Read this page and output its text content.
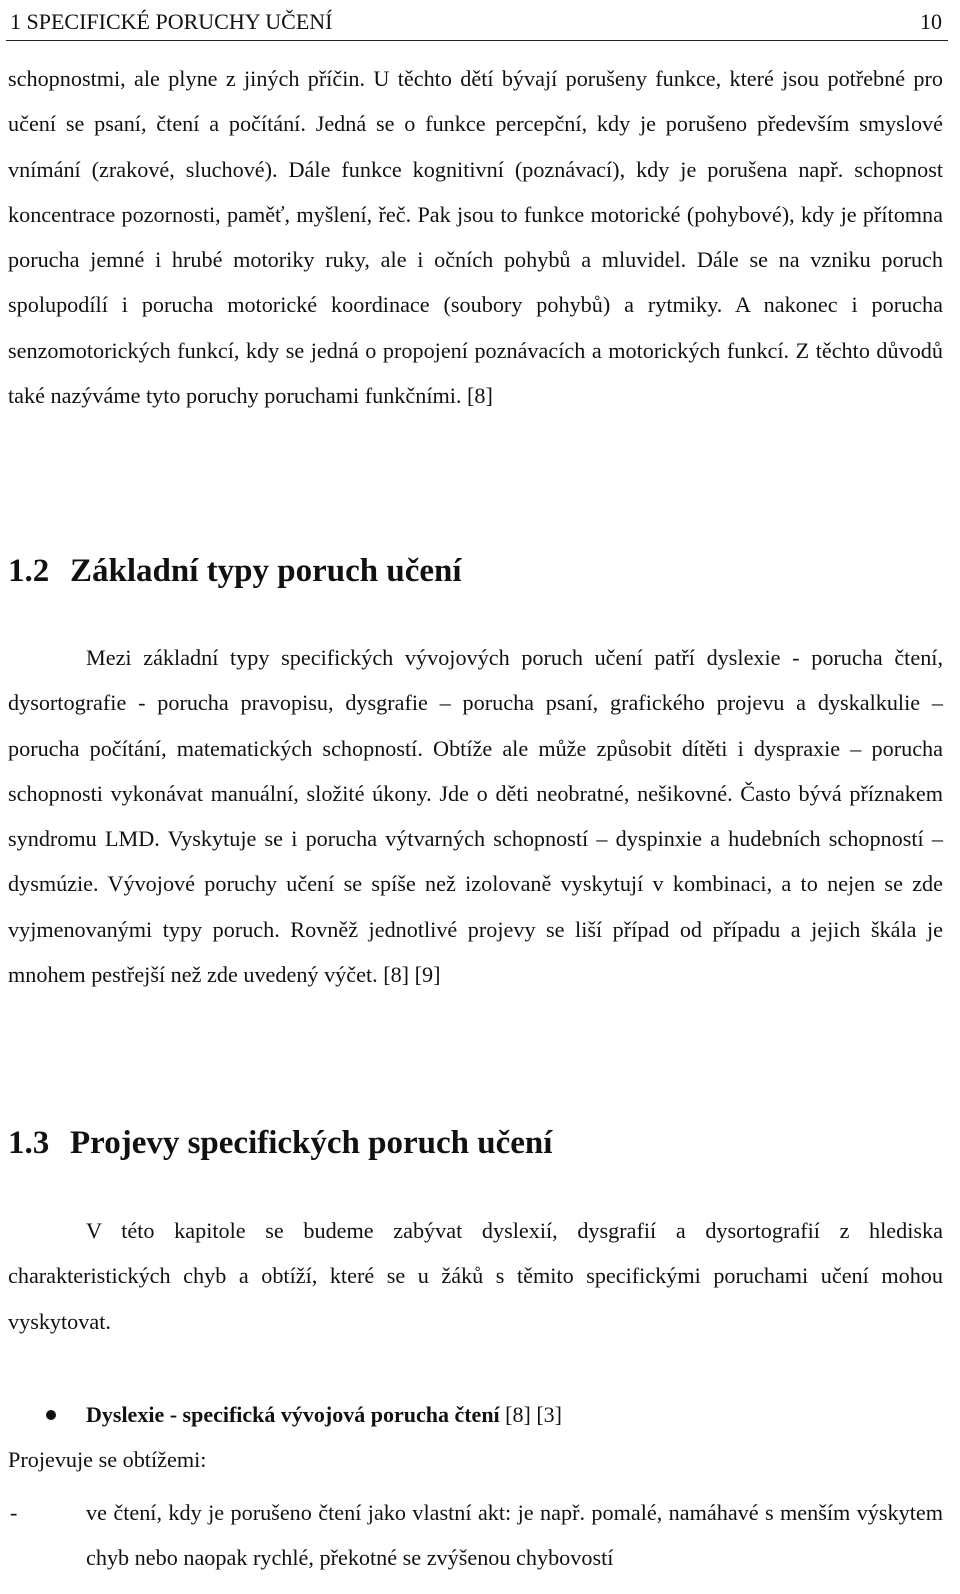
1 SPECIFICKÉ PORUCHY UČENÍ	10

schopnostmi, ale plyne z jiných příčin. U těchto dětí bývají porušeny funkce, které jsou potřebné pro učení se psaní, čtení a počítání. Jedná se o funkce percepční, kdy je porušeno především smyslové vnímání (zrakové, sluchové). Dále funkce kognitivní (poznávací), kdy je porušena např. schopnost koncentrace pozornosti, paměť, myšlení, řeč. Pak jsou to funkce motorické (pohybové), kdy je přítomna porucha jemné i hrubé motoriky ruky, ale i očních pohybů a mluvidel. Dále se na vzniku poruch spolupodílí i porucha motorické koordinace (soubory pohybů) a rytmiky. A nakonec i porucha senzomotorických funkcí, kdy se jedná o propojení poznávacích a motorických funkcí. Z těchto důvodů také nazýváme tyto poruchy poruchami funkčními. [8]

1.2 Základní typy poruch učení

Mezi základní typy specifických vývojových poruch učení patří dyslexie - porucha čtení, dysortografie - porucha pravopisu, dysgrafie – porucha psaní, grafického projevu a dyskalkulie – porucha počítání, matematických schopností. Obtíže ale může způsobit dítěti i dyspraxie – porucha schopnosti vykonávat manuální, složité úkony. Jde o děti neobratné, nešikovné. Často bývá příznakem syndromu LMD. Vyskytuje se i porucha výtvarných schopností – dyspinxie a hudebních schopností – dysmúzie. Vývojové poruchy učení se spíše než izolovaně vyskytují v kombinaci, a to nejen se zde vyjmenovanými typy poruch. Rovněž jednotlivé projevy se liší případ od případu a jejich škála je mnohem pestřejší než zde uvedený výčet. [8] [9]

1.3 Projevy specifických poruch učení

V této kapitole se budeme zabývat dyslexií, dysgrafií a dysortografií z hlediska charakteristických chyb a obtíží, které se u žáků s těmito specifickými poruchami učení mohou vyskytovat.

Dyslexie - specifická vývojová porucha čtení [8] [3]

Projevuje se obtížemi:

-	ve čtení, kdy je porušeno čtení jako vlastní akt: je např. pomalé, namáhavé s menším výskytem chyb nebo naopak rychlé, překotné se zvýšenou chybovostí
